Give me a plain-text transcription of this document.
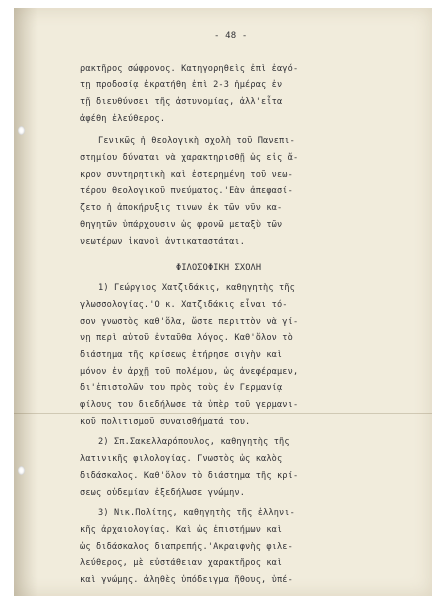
- 48 -
ρακτῆρος σώφρονος. Κατηγορηθεὶς ἐπὶ ἐαγό-
τῃ προδοσίᾳ ἐκρατήθη ἐπὶ 2-3 ἡμέρας ἐν
τῇ διευθύνσει τῆς ἀστυνομίας, ἀλλ'εἶτα
ἀφέθη ἐλεύθερος.
Γενικῶς ἡ θεολογικὴ σχολὴ τοῦ Πανεπι-
στημίου δύναται νὰ χαρακτηρισθῇ ὡς εἰς ἄ-
κρον συντηρητικὴ καὶ ἐστερημένη τοῦ νεω-
τέρου θεολογικοῦ πνεύματος.'Εὰν ἀπεφασί-
ζετο ἡ ἀποκήρυξις τινων ἐκ τῶν νῦν κα-
θηγητῶν ὑπάρχουσιν ὡς φρονῶ μεταξὺ τῶν
νεωτέρων ἱκανοὶ ἀντικαταστάται.
ΦΙΛΟΣΟΦΙΚΗ ΣΧΟΛΗ
1) Γεώργιος Χατζιδάκις, καθηγητὴς τῆς
γλωσσολογίας.'Ο κ. Χατζιδάκις εἶναι τό-
σον γνωστὸς καθ'ὅλα, ὥστε περιττὸν νὰ γί-
νῃ περὶ αὐτοῦ ἐνταῦθα λόγος. Καθ'ὅλον τὸ
διάστημα τῆς κρίσεως ἐτήρησε σιγὴν καὶ
μόνον ἐν ἀρχῇ τοῦ πολέμου, ὡς ἀνεφέραμεν,
δι'ἐπιστολῶν του πρὸς τοὺς ἐν Γερμανίᾳ
φίλους του διεδήλωσε τὰ ὑπὲρ τοῦ γερμανι-
κοῦ πολιτισμοῦ συναισθήματά του.
2) Σπ.Σακελλαρόπουλος, καθηγητὴς τῆς
λατινικῆς φιλολογίας. Γνωστὸς ὡς καλὸς
διδάσκαλος. Καθ'ὅλον τὸ διάστημα τῆς κρί-
σεως οὐδεμίαν ἐξεδήλωσε γνώμην.
3) Νικ.Πολίτης, καθηγητὴς τῆς ἑλληνι-
κῆς ἀρχαιολογίας. Καὶ ὡς ἐπιστήμων καὶ
ὡς διδάσκαλος διαπρεπής.'Ακραιφνὴς φιλε-
λεύθερος, μὲ εὐστάθειαν χαρακτῆρος καὶ
καὶ γνώμης. ἀληθὲς ὑπόδειγμα ἤθους, ὑπέ-
